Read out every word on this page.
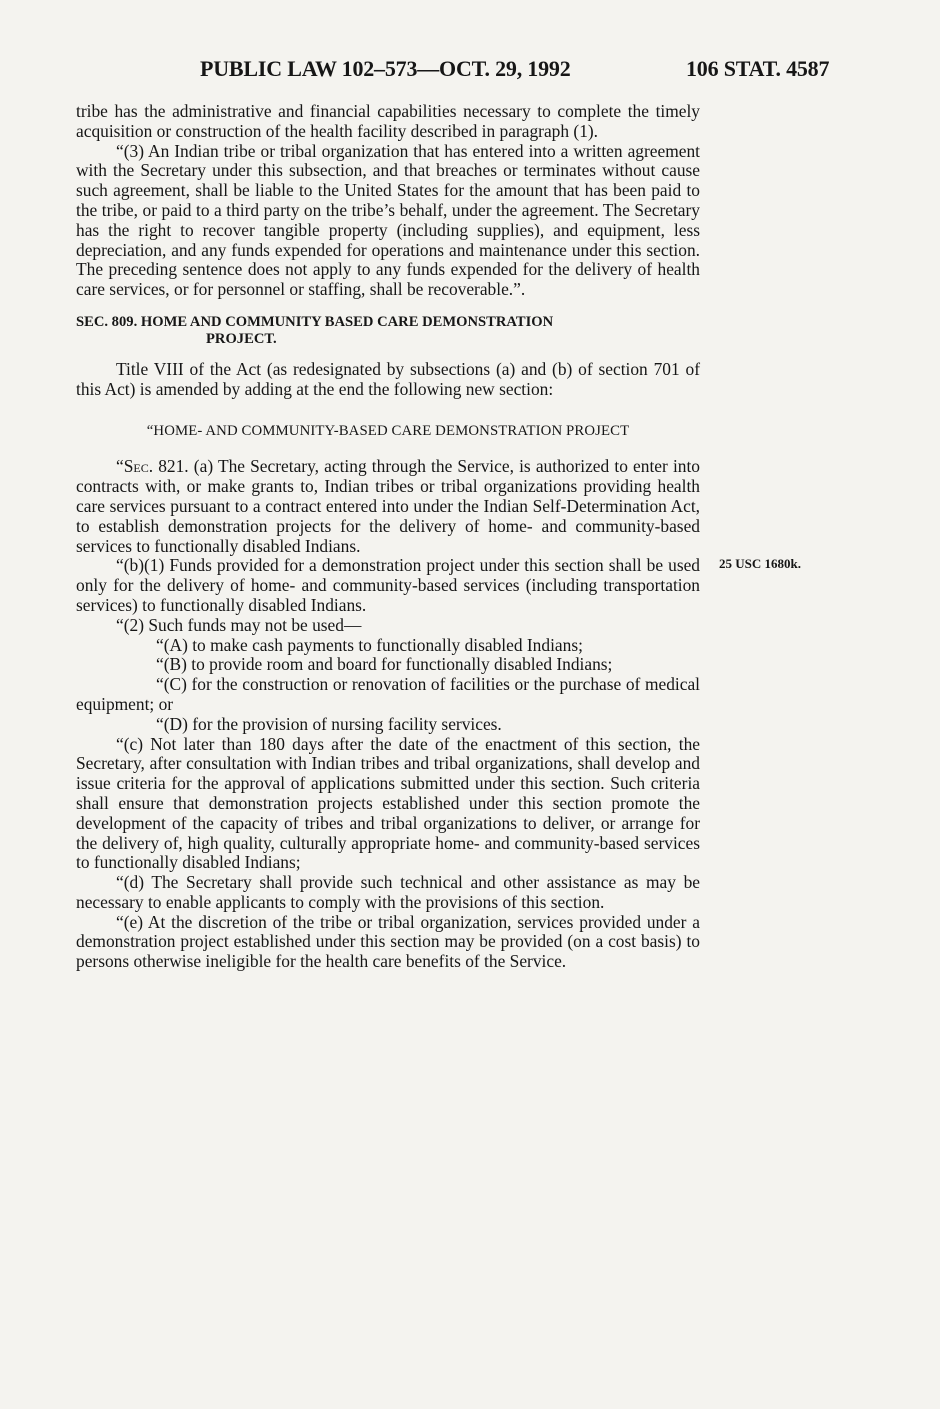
PUBLIC LAW 102–573—OCT. 29, 1992	106 STAT. 4587
25 USC 1680k.

tribe has the administrative and financial capabilities necessary to complete the timely acquisition or construction of the health facility described in paragraph (1).

“(3) An Indian tribe or tribal organization that has entered into a written agreement with the Secretary under this subsection, and that breaches or terminates without cause such agreement, shall be liable to the United States for the amount that has been paid to the tribe, or paid to a third party on the tribe’s behalf, under the agreement. The Secretary has the right to recover tangible property (including supplies), and equipment, less depreciation, and any funds expended for operations and maintenance under this section. The preceding sentence does not apply to any funds expended for the delivery of health care services, or for personnel or staffing, shall be recoverable.”.

SEC. 809. HOME AND COMMUNITY BASED CARE DEMONSTRATION
PROJECT.

Title VIII of the Act (as redesignated by subsections (a) and (b) of section 701 of this Act) is amended by adding at the end the following new section:

“HOME- AND COMMUNITY-BASED CARE DEMONSTRATION PROJECT

“Sec. 821. (a) The Secretary, acting through the Service, is authorized to enter into contracts with, or make grants to, Indian tribes or tribal organizations providing health care services pursuant to a contract entered into under the Indian Self-Determination Act, to establish demonstration projects for the delivery of home- and community-based services to functionally disabled Indians.

“(b)(1) Funds provided for a demonstration project under this section shall be used only for the delivery of home- and community-based services (including transportation services) to functionally disabled Indians.

“(2) Such funds may not be used—

“(A) to make cash payments to functionally disabled Indians;

“(B) to provide room and board for functionally disabled Indians;

“(C) for the construction or renovation of facilities or the purchase of medical equipment; or

“(D) for the provision of nursing facility services.

“(c) Not later than 180 days after the date of the enactment of this section, the Secretary, after consultation with Indian tribes and tribal organizations, shall develop and issue criteria for the approval of applications submitted under this section. Such criteria shall ensure that demonstration projects established under this section promote the development of the capacity of tribes and tribal organizations to deliver, or arrange for the delivery of, high quality, culturally appropriate home- and community-based services to functionally disabled Indians;

“(d) The Secretary shall provide such technical and other assistance as may be necessary to enable applicants to comply with the provisions of this section.

“(e) At the discretion of the tribe or tribal organization, services provided under a demonstration project established under this section may be provided (on a cost basis) to persons otherwise ineligible for the health care benefits of the Service.
